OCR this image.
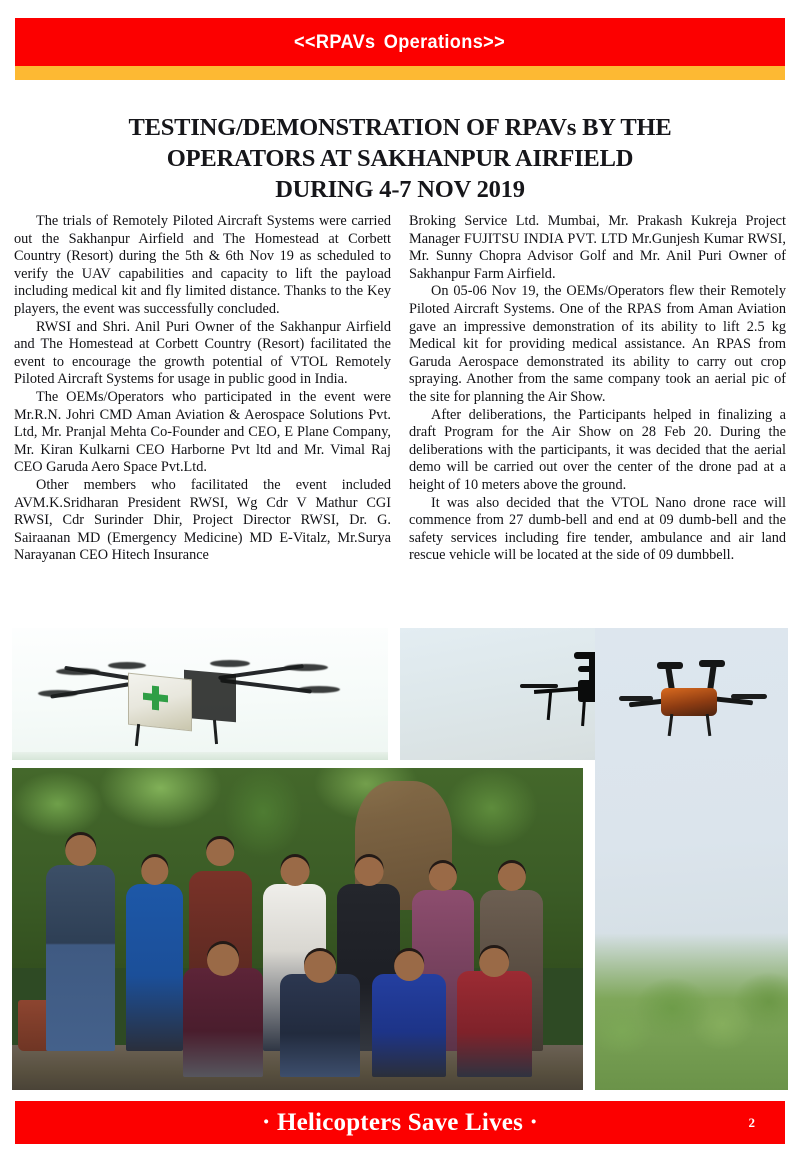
<<RPAVs Operations>>
TESTING/DEMONSTRATION OF RPAVs BY THE
OPERATORS AT SAKHANPUR AIRFIELD
DURING 4-7 NOV 2019

The trials of Remotely Piloted Aircraft Systems were carried out the Sakhanpur Airfield and The Homestead at Corbett Country (Resort) during the 5th & 6th Nov 19 as scheduled to verify the UAV capabilities and capacity to lift the payload including medical kit and fly limited distance. Thanks to the Key players, the event was successfully concluded.

RWSI and Shri. Anil Puri Owner of the Sakhanpur Airfield and The Homestead at Corbett Country (Resort) facilitated the event to encourage the growth potential of VTOL Remotely Piloted Aircraft Systems for usage in public good in India.

The OEMs/Operators who participated in the event were Mr.R.N. Johri CMD Aman Aviation & Aerospace Solutions Pvt. Ltd, Mr. Pranjal Mehta Co-Founder and CEO, E Plane Company, Mr. Kiran Kulkarni CEO Harborne Pvt ltd and Mr. Vimal Raj CEO Garuda Aero Space Pvt.Ltd.

Other members who facilitated the event included AVM.K.Sridharan President RWSI, Wg Cdr V Mathur CGI RWSI, Cdr Surinder Dhir, Project Director RWSI, Dr. G. Sairaanan MD (Emergency Medicine) MD E-Vitalz, Mr.Surya Narayanan CEO Hitech Insurance

Broking Service Ltd. Mumbai, Mr. Prakash Kukreja Project Manager FUJITSU INDIA PVT. LTD Mr.Gunjesh Kumar RWSI, Mr. Sunny Chopra Advisor Golf and Mr. Anil Puri Owner of Sakhanpur Farm Airfield.

On 05-06 Nov 19, the OEMs/Operators flew their Remotely Piloted Aircraft Systems. One of the RPAS from Aman Aviation gave an impressive demonstration of its ability to lift 2.5 kg Medical kit for providing medical assistance. An RPAS from Garuda Aerospace demonstrated its ability to carry out crop spraying. Another from the same company took an aerial pic of the site for planning the Air Show.

After deliberations, the Participants helped in finalizing a draft Program for the Air Show on 28 Feb 20. During the deliberations with the participants, it was decided that the aerial demo will be carried out over the center of the drone pad at a height of 10 meters above the ground.

It was also decided that the VTOL Nano drone race will commence from 27 dumb-bell and end at 09 dumb-bell and the safety services including fire tender, ambulance and air land rescue vehicle will be located at the side of 09 dumbbell.

· Helicopters Save Lives ·	2
